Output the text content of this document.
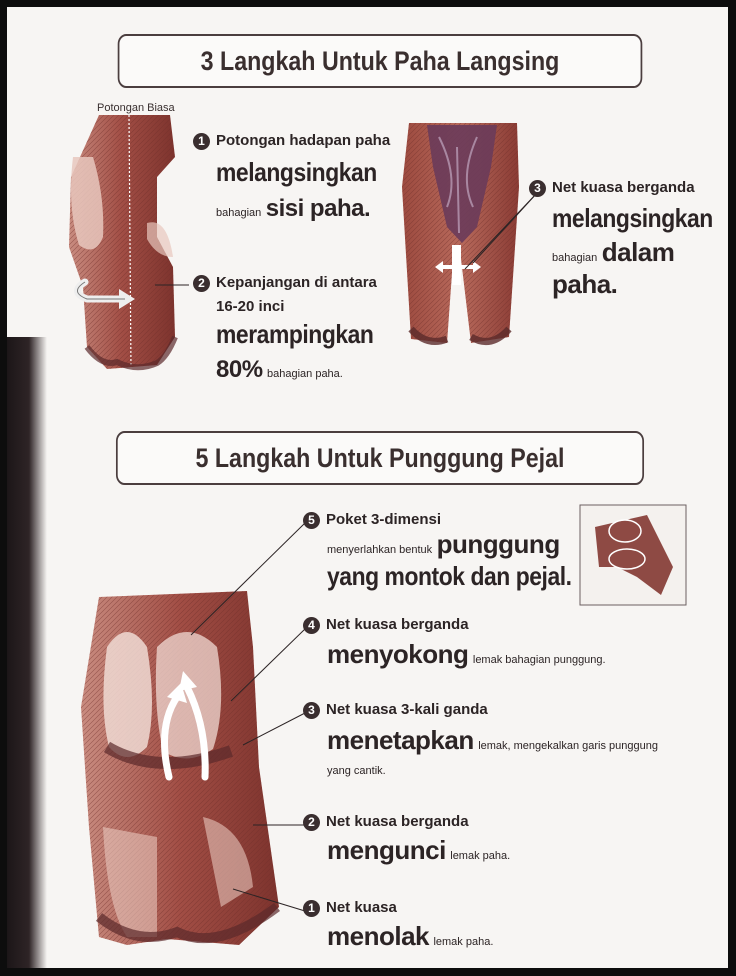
3 Langkah Untuk Paha Langsing
Potongan Biasa
1 Potongan hadapan paha
melangsingkan
bahagian sisi paha.
2 Kepanjangan di antara
16-20 inci
merampingkan
80% bahagian paha.
3 Net kuasa berganda
melangsingkan
bahagian dalam
paha.
5 Langkah Untuk Punggung Pejal
5 Poket 3-dimensi
menyerlahkan bentuk punggung
yang montok dan pejal.
4 Net kuasa berganda
menyokong lemak bahagian punggung.
3 Net kuasa 3-kali ganda
menetapkan lemak, mengekalkan garis punggung
yang cantik.
2 Net kuasa berganda
mengunci lemak paha.
1 Net kuasa
menolak lemak paha.
